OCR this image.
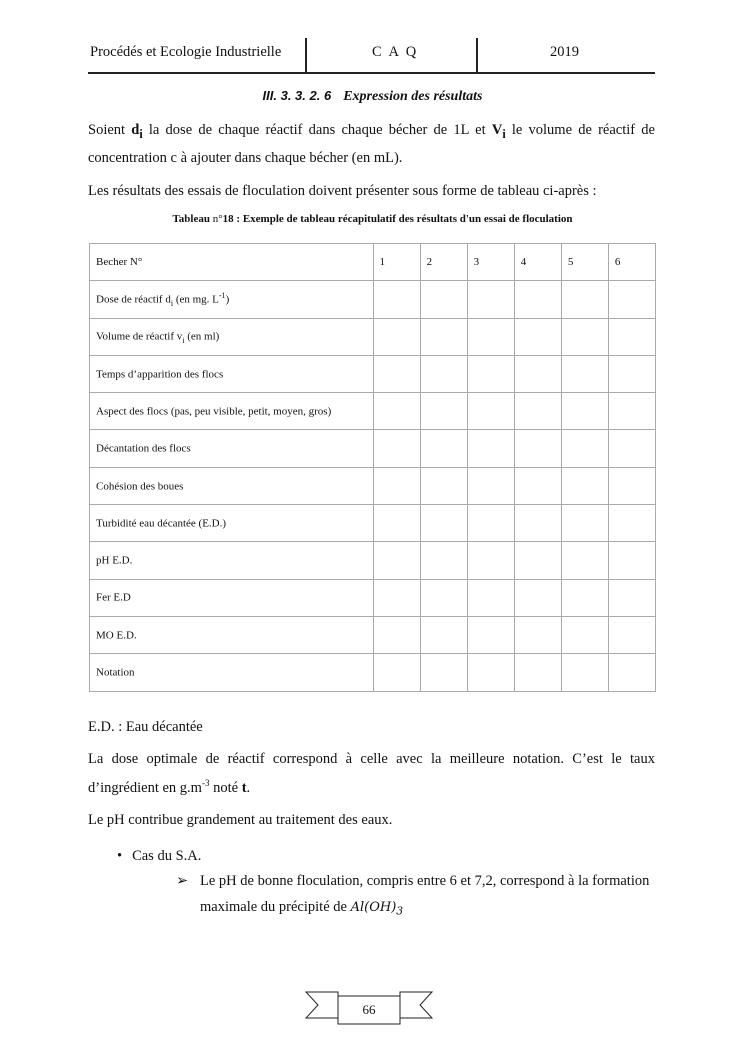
Procédés et Ecologie Industrielle	C A Q	2019
III. 3. 3. 2. 6 Expression des résultats
Soient $d_i$ la dose de chaque réactif dans chaque bécher de 1L et $V_i$ le volume de réactif de concentration c à ajouter dans chaque bécher (en mL).
Les résultats des essais de floculation doivent présenter sous forme de tableau ci-après :
Tableau n°18 : Exemple de tableau récapitulatif des résultats d'un essai de floculation
Becher N°	1	2	3	4	5	6
Dose de réactif $d_i$ (en mg. $L^{-1}$)						
Volume de réactif $v_i$ (en ml)						
Temps d’apparition des flocs						
Aspect des flocs (pas, peu visible, petit, moyen, gros)						
Décantation des flocs						
Cohésion des boues						
Turbidité eau décantée (E.D.)						
pH E.D.						
Fer E.D						
MO E.D.						
Notation						
E.D. : Eau décantée
La dose optimale de réactif correspond à celle avec la meilleure notation. C’est le taux d’ingrédient en $g.m^{-3}$ noté t.
Le pH contribue grandement au traitement des eaux.
• Cas du S.A.
➢ Le pH de bonne floculation, compris entre 6 et 7,2, correspond à la formation maximale du précipité de $Al(OH)_3$
66
